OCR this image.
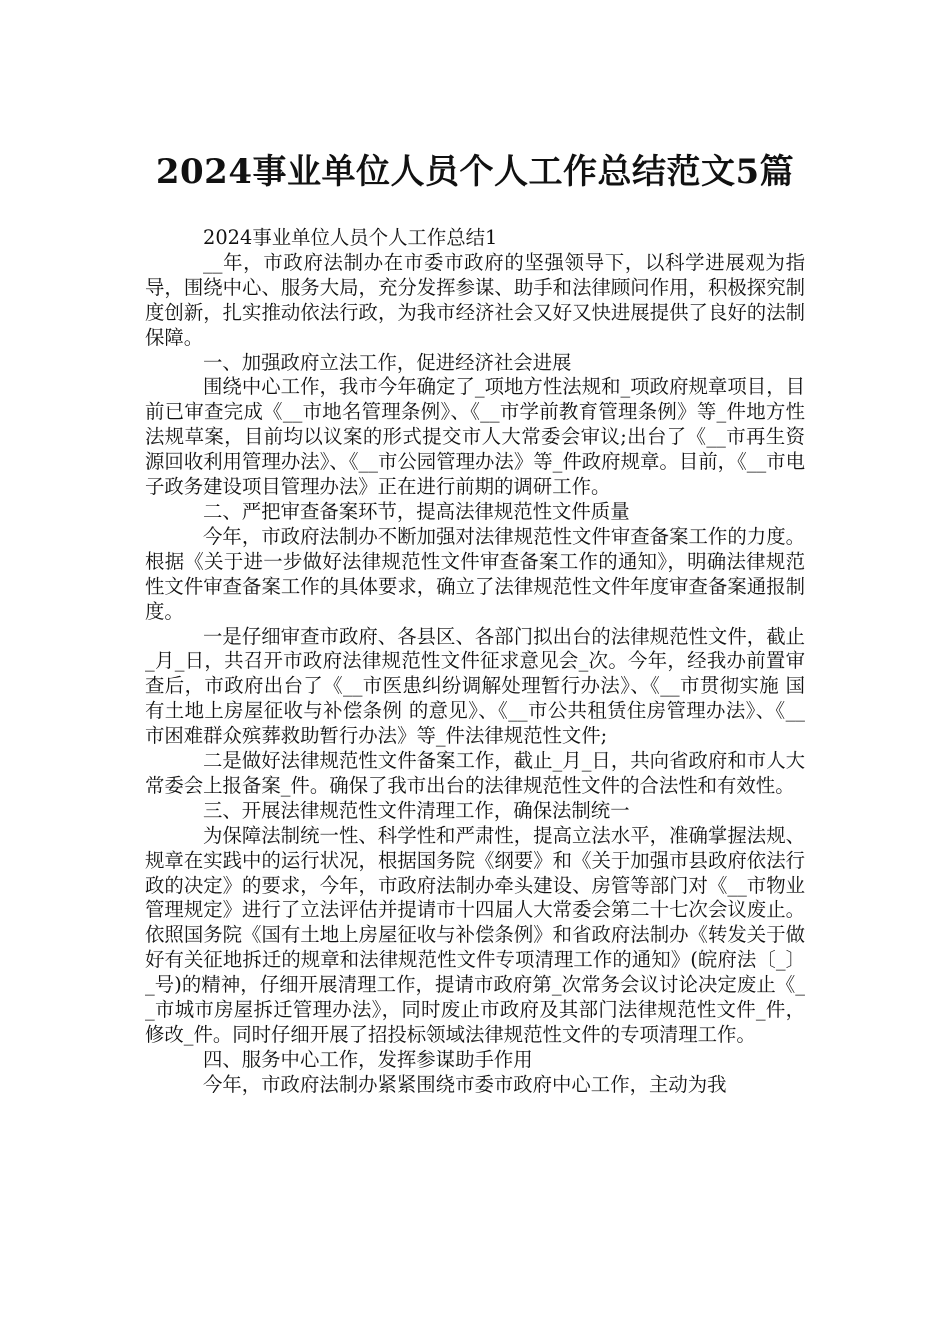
2024事业单位人员个人工作总结范文5篇

2024事业单位人员个人工作总结1

__年，市政府法制办在市委市政府的坚强领导下，以科学进展观为指导，围绕中心、服务大局，充分发挥参谋、助手和法律顾问作用，积极探究制度创新，扎实推动依法行政，为我市经济社会又好又快进展提供了良好的法制保障。

一、加强政府立法工作，促进经济社会进展

围绕中心工作，我市今年确定了_项地方性法规和_项政府规章项目，目前已审查完成《__市地名管理条例》、《__市学前教育管理条例》等_件地方性法规草案，目前均以议案的形式提交市人大常委会审议;出台了《__市再生资源回收利用管理办法》、《__市公园管理办法》等_件政府规章。目前，《__市电子政务建设项目管理办法》正在进行前期的调研工作。

二、严把审查备案环节，提高法律规范性文件质量

今年，市政府法制办不断加强对法律规范性文件审查备案工作的力度。根据《关于进一步做好法律规范性文件审查备案工作的通知》，明确法律规范性文件审查备案工作的具体要求，确立了法律规范性文件年度审查备案通报制度。

一是仔细审查市政府、各县区、各部门拟出台的法律规范性文件，截止_月_日，共召开市政府法律规范性文件征求意见会_次。今年，经我办前置审查后，市政府出台了《__市医患纠纷调解处理暂行办法》、《__市贯彻实施 国有土地上房屋征收与补偿条例 的意见》、《__市公共租赁住房管理办法》、《__市困难群众殡葬救助暂行办法》等_件法律规范性文件;

二是做好法律规范性文件备案工作，截止_月_日，共向省政府和市人大常委会上报备案_件。确保了我市出台的法律规范性文件的合法性和有效性。

三、开展法律规范性文件清理工作，确保法制统一

为保障法制统一性、科学性和严肃性，提高立法水平，准确掌握法规、规章在实践中的运行状况，根据国务院《纲要》和《关于加强市县政府依法行政的决定》的要求，今年，市政府法制办牵头建设、房管等部门对《__市物业管理规定》进行了立法评估并提请市十四届人大常委会第二十七次会议废止。依照国务院《国有土地上房屋征收与补偿条例》和省政府法制办《转发关于做好有关征地拆迁的规章和法律规范性文件专项清理工作的通知》(皖府法〔_〕_号)的精神，仔细开展清理工作，提请市政府第_次常务会议讨论决定废止《__市城市房屋拆迁管理办法》，同时废止市政府及其部门法律规范性文件_件，修改_件。同时仔细开展了招投标领域法律规范性文件的专项清理工作。

四、服务中心工作，发挥参谋助手作用

今年，市政府法制办紧紧围绕市委市政府中心工作，主动为我
